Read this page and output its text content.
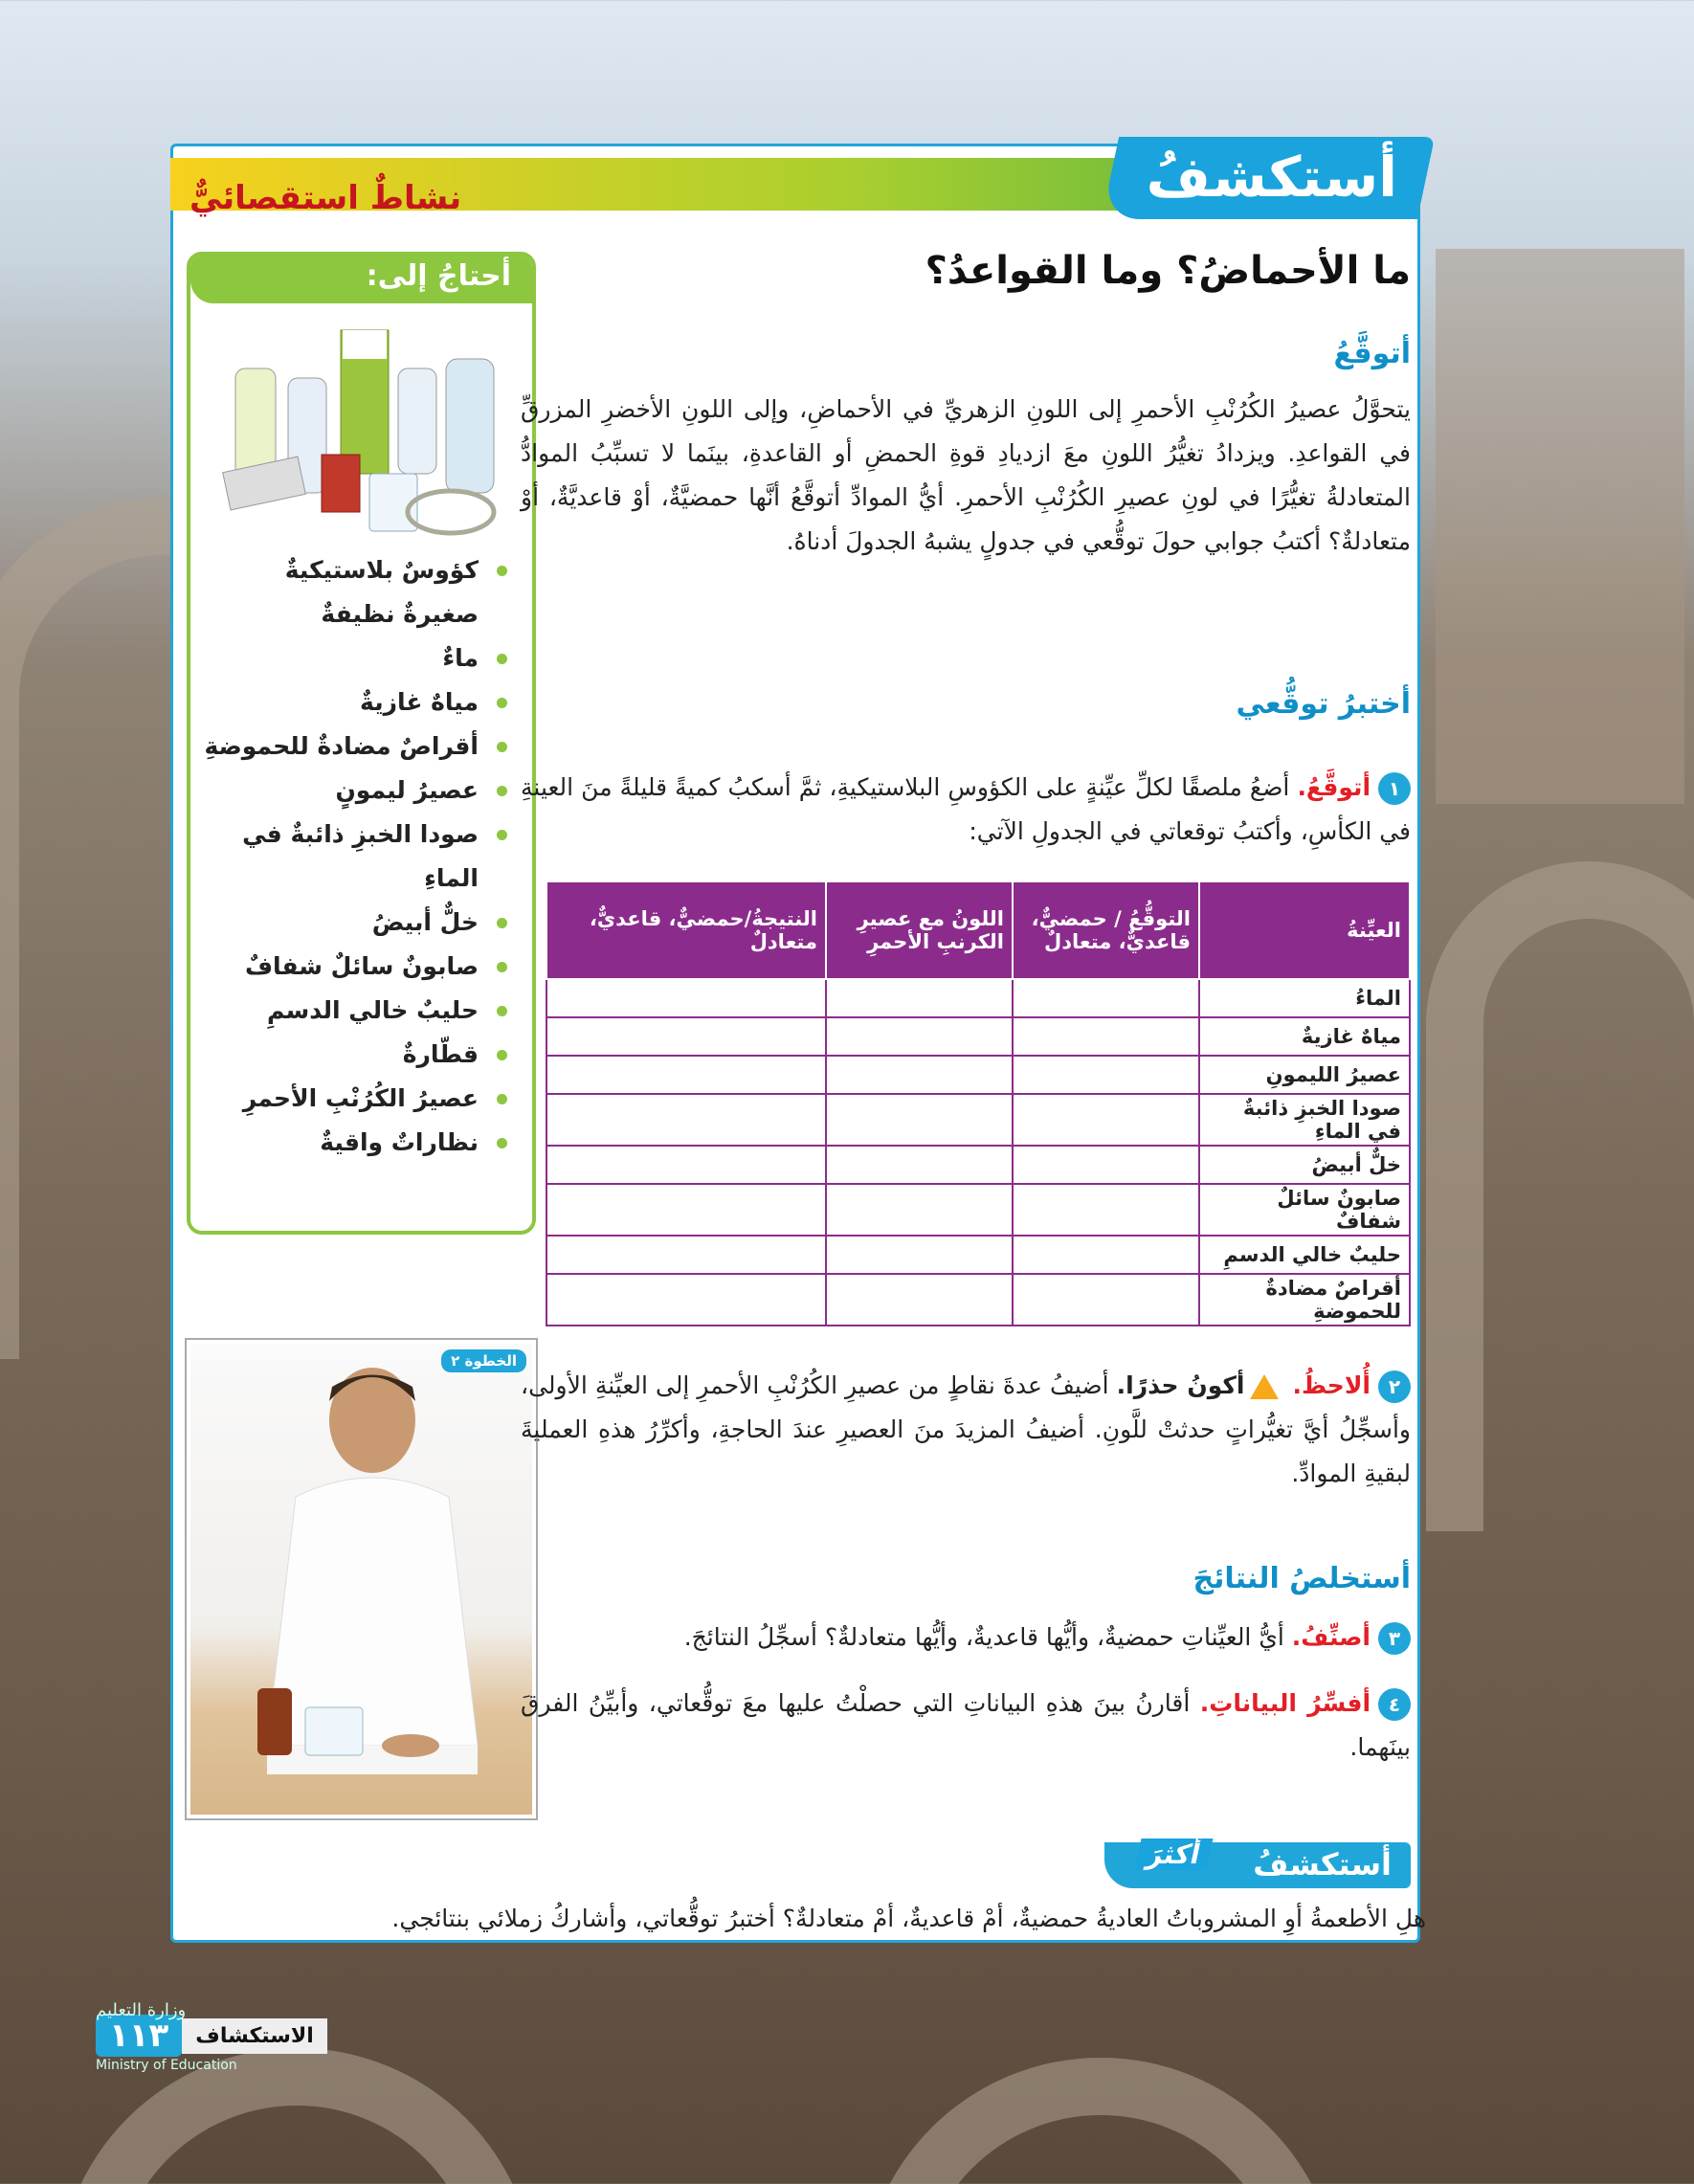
نشاطٌ استقصائيٌّ	أستكشفُ
أحتاجُ إلى:
كؤوسٌ بلاستيكيةٌ صغيرةٌ نظيفةٌ
ماءٌ
مياهٌ غازيةٌ
أقراصٌ مضادةٌ للحموضةِ
عصيرُ ليمونٍ
صودا الخبزِ ذائبةٌ في الماءِ
خلٌّ أبيضُ
صابونٌ سائلٌ شفافٌ
حليبٌ خالي الدسمِ
قطّارةٌ
عصيرُ الكُرُنْبِ الأحمرِ
نظاراتٌ واقيةٌ
الخطوة ٢
ما الأحماضُ؟ وما القواعدُ؟
أتوقَّعُ
يتحوَّلُ عصيرُ الكُرُنْبِ الأحمرِ إلى اللونِ الزهريِّ في الأحماضِ، وإلى اللونِ الأخضرِ المزرقِّ في القواعدِ. ويزدادُ تغيُّرُ اللونِ معَ ازديادِ قوةِ الحمضِ أو القاعدةِ، بينَما لا تسبِّبُ الموادُّ المتعادلةُ تغيُّرًا في لونِ عصيرِ الكُرُنْبِ الأحمرِ. أيُّ الموادِّ أتوقَّعُ أنَّها حمضيَّةٌ، أوْ قاعديَّةٌ، أوْ متعادلةٌ؟ أكتبُ جوابي حولَ توقُّعي في جدولٍ يشبهُ الجدولَ أدناهُ.
أختبرُ توقُّعي
١أتوقَّعُ. أضعُ ملصقًا لكلِّ عيِّنةٍ على الكؤوسِ البلاستيكيةِ، ثمَّ أسكبُ كميةً قليلةً منَ العينةِ في الكأسِ، وأكتبُ توقعاتي في الجدولِ الآتي:
العيِّنةُ	التوقُّعُ / حمضيٌّ، قاعديٌّ، متعادلٌ	اللونُ مع عصيرِ الكرنبِ الأحمرِ	النتيجةُ/حمضيٌّ، قاعديٌّ، متعادلٌ
الماءُ			
مياهٌ غازيةٌ			
عصيرُ الليمونِ			
صودا الخبزِ ذائبةٌ في الماءِ			
خلٌّ أبيضُ			
صابونٌ سائلٌ شفافٌ			
حليبٌ خالي الدسمِ			
أقراصٌ مضادةٌ للحموضةِ			
٢أُلاحظُ. أكونُ حذرًا. أضيفُ عدةَ نقاطٍ من عصيرِ الكُرُنْبِ الأحمرِ إلى العيِّنةِ الأولى، وأسجِّلُ أيَّ تغيُّراتٍ حدثتْ للَّونِ. أضيفُ المزيدَ منَ العصيرِ عندَ الحاجةِ، وأكرِّرُ هذهِ العمليةَ لبقيةِ الموادِّ.
أستخلصُ النتائجَ
٣أصنِّفُ. أيُّ العيِّناتِ حمضيةٌ، وأيُّها قاعديةٌ، وأيُّها متعادلةٌ؟ أسجِّلُ النتائجَ.
٤أفسِّرُ البياناتِ. أقارنُ بينَ هذهِ البياناتِ التي حصلْتُ عليها معَ توقُّعاتي، وأبيِّنُ الفرقَ بينَهما.
أستكشفُ
أكثرَ
هلِ الأطعمةُ أوِ المشروباتُ العاديةُ حمضيةٌ، أمْ قاعديةٌ، أمْ متعادلةٌ؟ أختبرُ توقُّعاتي، وأشاركُ زملائي بنتائجي.
الاستكشاف
١١٣
وزارة التعليم
Ministry of Education
